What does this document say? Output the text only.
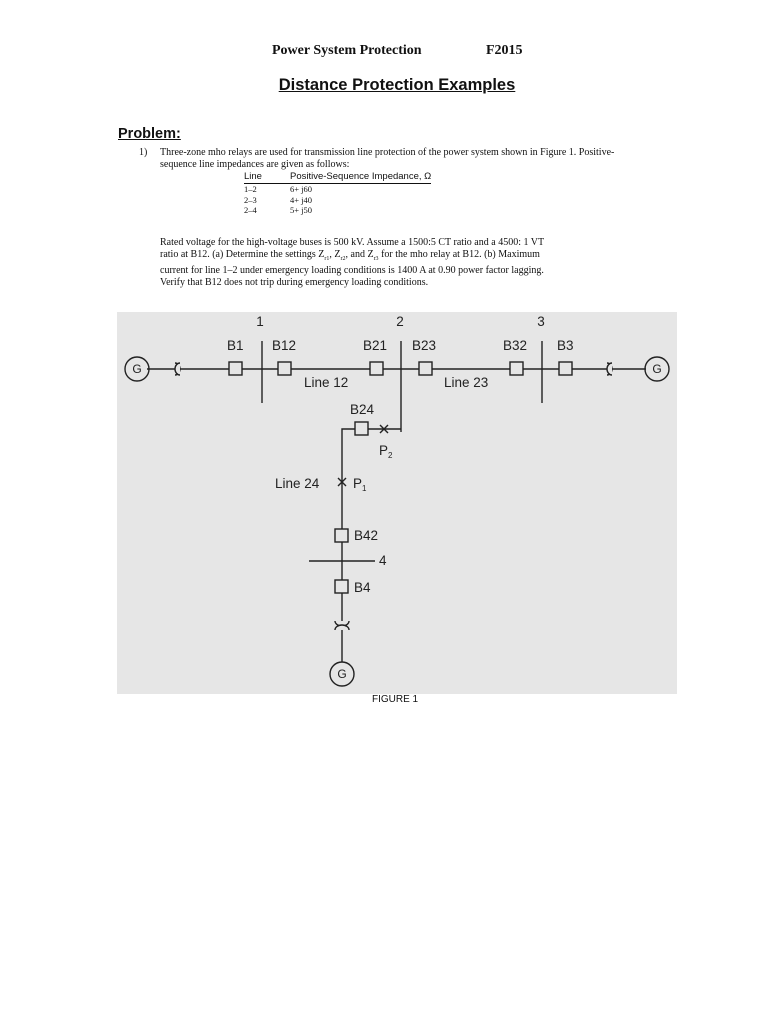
Power System Protection	F2015
Distance Protection Examples
Problem:
1) Three-zone mho relays are used for transmission line protection of the power system shown in Figure 1. Positive-sequence line impedances are given as follows:
Line	Positive-Sequence Impedance, Ω
1–2	6+ j60
2–3	4+ j40
2–4	5+ j50
Rated voltage for the high-voltage buses is 500 kV. Assume a 1500:5 CT ratio and a 4500: 1 VT ratio at B12. (a) Determine the settings $Z_{r1}$, $Z_{r2}$, and $Z_{r3}$ for the mho relay at B12. (b) Maximum current for line 1–2 under emergency loading conditions is 1400 A at 0.90 power factor lagging. Verify that B12 does not trip during emergency loading conditions.
G	G
G
1	2	3
4
B1 B12	B21 B23	B32 B3
B24
B42
B4
Line 12	Line 23
Line 24
$P_2$
$P_1$
FIGURE 1
